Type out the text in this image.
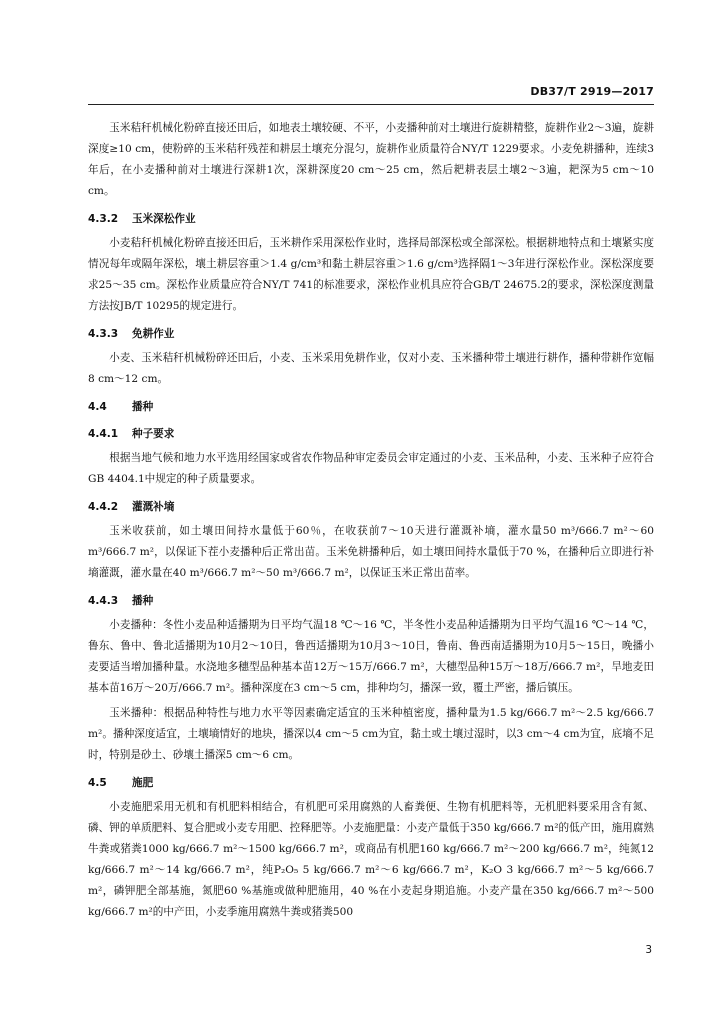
DB37/T 2919—2017

玉米秸秆机械化粉碎直接还田后，如地表土壤较硬、不平，小麦播种前对土壤进行旋耕精整，旋耕作业2～3遍，旋耕深度≥10 cm，使粉碎的玉米秸秆残茬和耕层土壤充分混匀，旋耕作业质量符合NY/T 1229要求。小麦免耕播种，连续3年后，在小麦播种前对土壤进行深耕1次，深耕深度20 cm～25 cm，然后耙耕表层土壤2～3遍，耙深为5 cm～10 cm。

4.3.2 玉米深松作业

小麦秸秆机械化粉碎直接还田后，玉米耕作采用深松作业时，选择局部深松或全部深松。根据耕地特点和土壤紧实度情况每年或隔年深松，壤土耕层容重＞1.4 g/cm³和黏土耕层容重＞1.6 g/cm³选择隔1～3年进行深松作业。深松深度要求25～35 cm。深松作业质量应符合NY/T 741的标准要求，深松作业机具应符合GB/T 24675.2的要求，深松深度测量方法按JB/T 10295的规定进行。

4.3.3 免耕作业

小麦、玉米秸秆机械粉碎还田后，小麦、玉米采用免耕作业，仅对小麦、玉米播种带土壤进行耕作，播种带耕作宽幅8 cm～12 cm。

4.4 播种
4.4.1 种子要求

根据当地气候和地力水平选用经国家或省农作物品种审定委员会审定通过的小麦、玉米品种，小麦、玉米种子应符合GB 4404.1中规定的种子质量要求。

4.4.2 灌溉补墒

玉米收获前，如土壤田间持水量低于60％，在收获前7～10天进行灌溉补墒，灌水量50 m³/666.7 m²～60 m³/666.7 m²，以保证下茬小麦播种后正常出苗。玉米免耕播种后，如土壤田间持水量低于70 %，在播种后立即进行补墒灌溉，灌水量在40 m³/666.7 m²～50 m³/666.7 m²，以保证玉米正常出苗率。

4.4.3 播种

小麦播种：冬性小麦品种适播期为日平均气温18 ℃～16 ℃，半冬性小麦品种适播期为日平均气温16 ℃～14 ℃，鲁东、鲁中、鲁北适播期为10月2～10日，鲁西适播期为10月3～10日，鲁南、鲁西南适播期为10月5～15日，晚播小麦要适当增加播种量。水浇地多穗型品种基本苗12万～15万/666.7 m²，大穗型品种15万～18万/666.7 m²，旱地麦田基本苗16万～20万/666.7 m²。播种深度在3 cm～5 cm，排种均匀，播深一致，覆土严密，播后镇压。

玉米播种：根据品种特性与地力水平等因素确定适宜的玉米种植密度，播种量为1.5 kg/666.7 m²～2.5 kg/666.7 m²。播种深度适宜，土壤墒情好的地块，播深以4 cm～5 cm为宜，黏土或土壤过湿时，以3 cm～4 cm为宜，底墒不足时，特别是砂土、砂壤土播深5 cm～6 cm。

4.5 施肥

小麦施肥采用无机和有机肥料相结合，有机肥可采用腐熟的人畜粪便、生物有机肥料等，无机肥料要采用含有氮、磷、钾的单质肥料、复合肥或小麦专用肥、控释肥等。小麦施肥量：小麦产量低于350 kg/666.7 m²的低产田，施用腐熟牛粪或猪粪1000 kg/666.7 m²～1500 kg/666.7 m²，或商品有机肥160 kg/666.7 m²～200 kg/666.7 m²，纯氮12 kg/666.7 m²～14 kg/666.7 m²，纯P₂O₅ 5 kg/666.7 m²～6 kg/666.7 m²，K₂O 3 kg/666.7 m²～5 kg/666.7 m²，磷钾肥全部基施，氮肥60 %基施或做种肥施用，40 %在小麦起身期追施。小麦产量在350 kg/666.7 m²～500 kg/666.7 m²的中产田，小麦季施用腐熟牛粪或猪粪500

3
